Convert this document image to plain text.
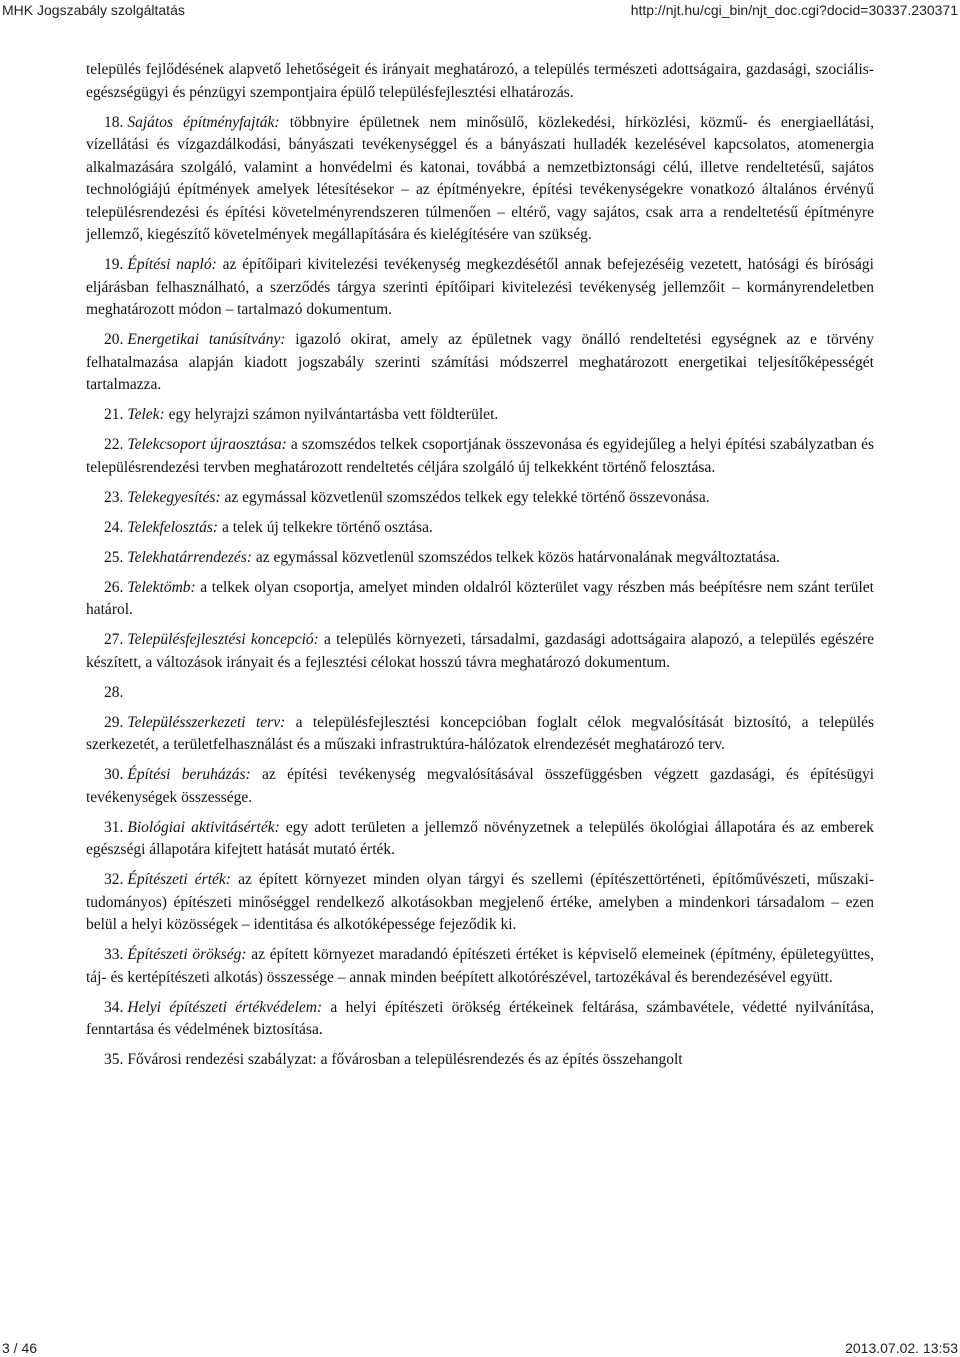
MHK Jogszabály szolgáltatás	http://njt.hu/cgi_bin/njt_doc.cgi?docid=30337.230371

település fejlődésének alapvető lehetőségeit és irányait meghatározó, a település természeti adottságaira, gazdasági, szociális-egészségügyi és pénzügyi szempontjaira épülő településfejlesztési elhatározás.

18. Sajátos építményfajták: többnyire épületnek nem minősülő, közlekedési, hírközlési, közmű- és energiaellátási, vízellátási és vízgazdálkodási, bányászati tevékenységgel és a bányászati hulladék kezelésével kapcsolatos, atomenergia alkalmazására szolgáló, valamint a honvédelmi és katonai, továbbá a nemzetbiztonsági célú, illetve rendeltetésű, sajátos technológiájú építmények amelyek létesítésekor – az építményekre, építési tevékenységekre vonatkozó általános érvényű településrendezési és építési követelményrendszeren túlmenően – eltérő, vagy sajátos, csak arra a rendeltetésű építményre jellemző, kiegészítő követelmények megállapítására és kielégítésére van szükség.

19. Építési napló: az építőipari kivitelezési tevékenység megkezdésétől annak befejezéséig vezetett, hatósági és bírósági eljárásban felhasználható, a szerződés tárgya szerinti építőipari kivitelezési tevékenység jellemzőit – kormányrendeletben meghatározott módon – tartalmazó dokumentum.

20. Energetikai tanúsítvány: igazoló okirat, amely az épületnek vagy önálló rendeltetési egységnek az e törvény felhatalmazása alapján kiadott jogszabály szerinti számítási módszerrel meghatározott energetikai teljesítőképességét tartalmazza.

21. Telek: egy helyrajzi számon nyilvántartásba vett földterület.

22. Telekcsoport újraosztása: a szomszédos telkek csoportjának összevonása és egyidejűleg a helyi építési szabályzatban és településrendezési tervben meghatározott rendeltetés céljára szolgáló új telkekként történő felosztása.

23. Telekegyesítés: az egymással közvetlenül szomszédos telkek egy telekké történő összevonása.

24. Telekfelosztás: a telek új telkekre történő osztása.

25. Telekhatárrendezés: az egymással közvetlenül szomszédos telkek közös határvonalának megváltoztatása.

26. Telektömb: a telkek olyan csoportja, amelyet minden oldalról közterület vagy részben más beépítésre nem szánt terület határol.

27. Településfejlesztési koncepció: a település környezeti, társadalmi, gazdasági adottságaira alapozó, a település egészére készített, a változások irányait és a fejlesztési célokat hosszú távra meghatározó dokumentum.

28.

29. Településszerkezeti terv: a településfejlesztési koncepcióban foglalt célok megvalósítását biztosító, a település szerkezetét, a területfelhasználást és a műszaki infrastruktúra-hálózatok elrendezését meghatározó terv.

30. Építési beruházás: az építési tevékenység megvalósításával összefüggésben végzett gazdasági, és építésügyi tevékenységek összessége.

31. Biológiai aktivitásérték: egy adott területen a jellemző növényzetnek a település ökológiai állapotára és az emberek egészségi állapotára kifejtett hatását mutató érték.

32. Építészeti érték: az épített környezet minden olyan tárgyi és szellemi (építészettörténeti, építőművészeti, műszaki-tudományos) építészeti minőséggel rendelkező alkotásokban megjelenő értéke, amelyben a mindenkori társadalom – ezen belül a helyi közösségek – identitása és alkotóképessége fejeződik ki.

33. Építészeti örökség: az épített környezet maradandó építészeti értéket is képviselő elemeinek (építmény, épületegyüttes, táj- és kertépítészeti alkotás) összessége – annak minden beépített alkotórészével, tartozékával és berendezésével együtt.

34. Helyi építészeti értékvédelem: a helyi építészeti örökség értékeinek feltárása, számbavétele, védetté nyilvánítása, fenntartása és védelmének biztosítása.

35. Fővárosi rendezési szabályzat: a fővárosban a településrendezés és az építés összehangolt

3 / 46	2013.07.02. 13:53
